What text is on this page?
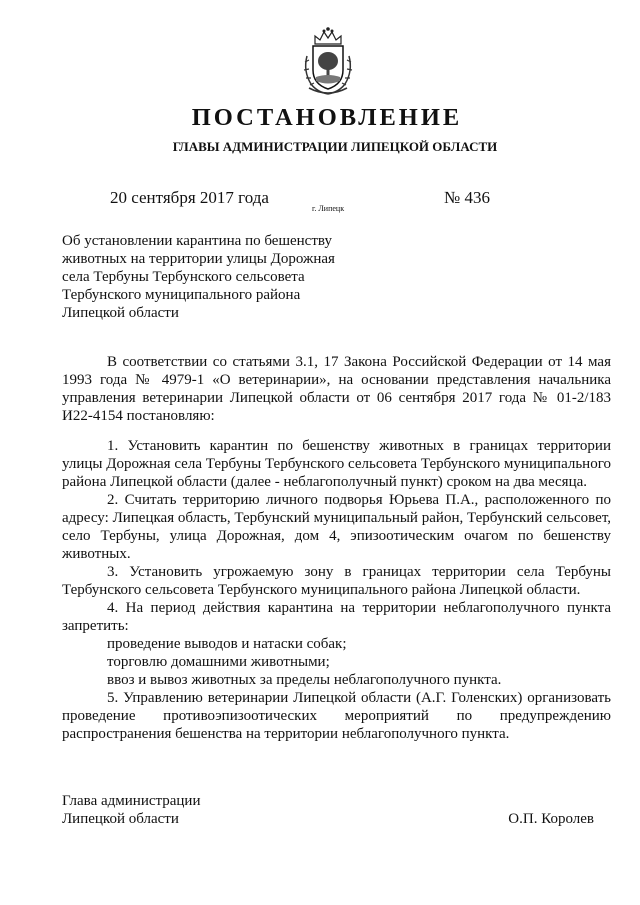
ПОСТАНОВЛЕНИЕ
ГЛАВЫ АДМИНИСТРАЦИИ ЛИПЕЦКОЙ ОБЛАСТИ
20 сентября 2017 года
г. Липецк
№ 436
Об установлении карантина по бешенству
животных на территории улицы Дорожная
села Тербуны Тербунского сельсовета
Тербунского муниципального района
Липецкой области

В соответствии со статьями 3.1, 17 Закона Российской Федерации от 14 мая 1993 года № 4979-1 «О ветеринарии», на основании представления начальника управления ветеринарии Липецкой области от 06 сентября 2017 года № 01-2/183 И22-4154 постановляю:

1. Установить карантин по бешенству животных в границах территории улицы Дорожная села Тербуны Тербунского сельсовета Тербунского муниципального района Липецкой области (далее - неблагополучный пункт) сроком на два месяца.

2. Считать территорию личного подворья Юрьева П.А., расположенного по адресу: Липецкая область, Тербунский муниципальный район, Тербунский сельсовет, село Тербуны, улица Дорожная, дом 4, эпизоотическим очагом по бешенству животных.

3. Установить угрожаемую зону в границах территории села Тербуны Тербунского сельсовета Тербунского муниципального района Липецкой области.

4. На период действия карантина на территории неблагополучного пункта запретить:

проведение выводов и натаски собак;

торговлю домашними животными;

ввоз и вывоз животных за пределы неблагополучного пункта.

5. Управлению ветеринарии Липецкой области (А.Г. Голенских) организовать проведение противоэпизоотических мероприятий по предупреждению распространения бешенства на территории неблагополучного пункта.

Глава администрации
Липецкой области	О.П. Королев
